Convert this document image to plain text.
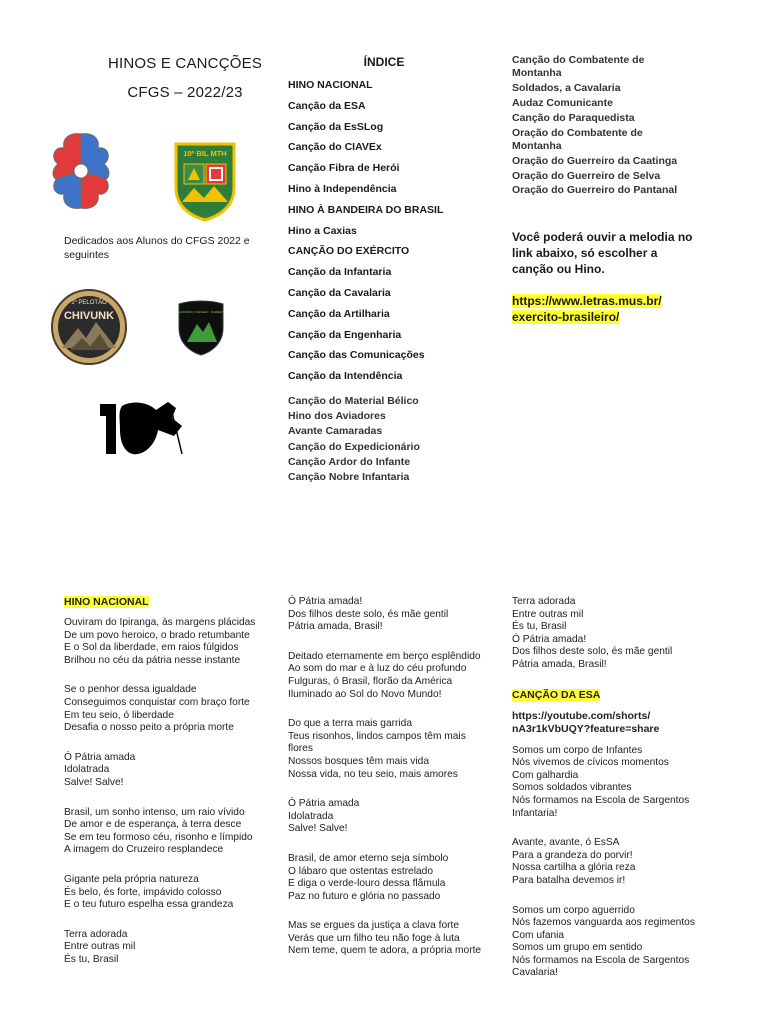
HINOS E CANCÇÕES
CFGS – 2022/23
10º BIL MTH
Dedicados aos Alunos do CFGS 2022 e seguintes
1º PELOTÃO
CHIVUNK	ALMANDO O DESEJO · RAIDERS
ÍNDICE
HINO NACIONAL
Canção da ESA
Canção da EsSLog
Canção do CIAVEx
Canção Fibra de Herói
Hino à Independência
HINO À BANDEIRA DO BRASIL
Hino a Caxias
CANÇÃO DO EXÉRCITO
Canção da Infantaria
Canção da Cavalaria
Canção da Artilharia
Canção da Engenharia
Canção das Comunicações
Canção da Intendência
Canção do Material Bélico
Hino dos Aviadores
Avante Camaradas
Canção do Expedicionário
Canção Ardor do Infante
Canção Nobre Infantaria
Canção do Combatente de Montanha
Soldados, a Cavalaria
Audaz Comunicante
Canção do Paraquedista
Oração do Combatente de Montanha
Oração do Guerreiro da Caatinga
Oração do Guerreiro de Selva
Oração do Guerreiro do Pantanal
Você poderá ouvir a melodia no link abaixo, só escolher a canção ou Hino.
https://www.letras.mus.br/
exercito-brasileiro/
HINO NACIONAL

Ouviram do Ipiranga, às margens plácidas
De um povo heroico, o brado retumbante
E o Sol da liberdade, em raios fúlgidos
Brilhou no céu da pátria nesse instante

Se o penhor dessa igualdade
Conseguimos conquistar com braço forte
Em teu seio, ó liberdade
Desafia o nosso peito a própria morte

Ó Pátria amada
Idolatrada
Salve! Salve!

Brasil, um sonho intenso, um raio vívido
De amor e de esperança, à terra desce
Se em teu formoso céu, risonho e límpido
A imagem do Cruzeiro resplandece

Gigante pela própria natureza
És belo, és forte, impávido colosso
E o teu futuro espelha essa grandeza

Terra adorada
Entre outras mil
És tu, Brasil

Ó Pátria amada!
Dos filhos deste solo, és mãe gentil
Pátria amada, Brasil!

Deitado eternamente em berço esplêndido
Ao som do mar e à luz do céu profundo
Fulguras, ó Brasil, florão da América
Iluminado ao Sol do Novo Mundo!

Do que a terra mais garrida
Teus risonhos, lindos campos têm mais flores
Nossos bosques têm mais vida
Nossa vida, no teu seio, mais amores

Ó Pátria amada
Idolatrada
Salve! Salve!

Brasil, de amor eterno seja símbolo
O lábaro que ostentas estrelado
E diga o verde-louro dessa flâmula
Paz no futuro e glória no passado

Mas se ergues da justiça a clava forte
Verás que um filho teu não foge à luta
Nem teme, quem te adora, a própria morte

Terra adorada
Entre outras mil
És tu, Brasil
Ó Pátria amada!
Dos filhos deste solo, és mãe gentil
Pátria amada, Brasil!

CANÇÃO DA ESA
https://youtube.com/shorts/
nA3r1kVbUQY?feature=share

Somos um corpo de Infantes
Nós vivemos de cívicos momentos
Com galhardia
Somos soldados vibrantes
Nós formamos na Escola de Sargentos Infantaria!

Avante, avante, ó EsSA
Para a grandeza do porvir!
Nossa cartilha a glória reza
Para batalha devemos ir!

Somos um corpo aguerrido
Nós fazemos vanguarda aos regimentos
Com ufania
Somos um grupo em sentido
Nós formamos na Escola de Sargentos Cavalaria!
